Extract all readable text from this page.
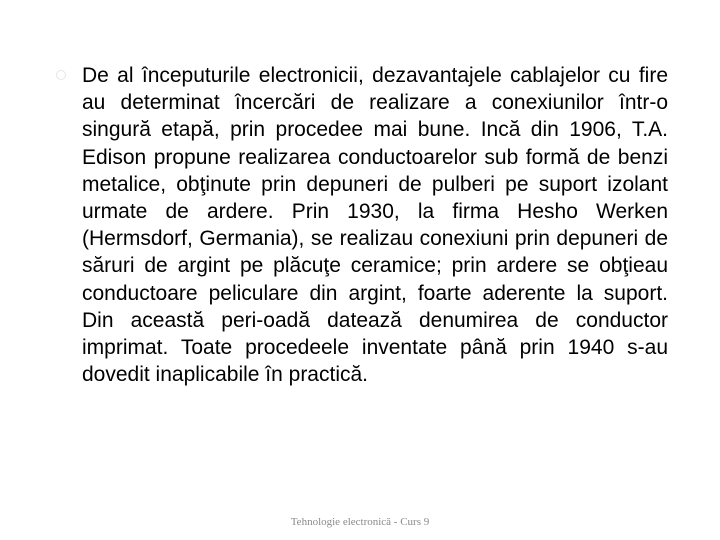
De al începuturile electronicii, dezavantajele cablajelor cu fire au determinat încercări de realizare a conexiunilor într-o singură etapă, prin procedee mai bune. Incă din 1906, T.A. Edison propune realizarea conductoarelor sub formă de benzi metalice, obţinute prin depuneri de pulberi pe suport izolant urmate de ardere. Prin 1930, la firma Hesho Werken (Hermsdorf, Germania), se realizau conexiuni prin depuneri de săruri de argint pe plăcuţe ceramice; prin ardere se obţieau conductoare peliculare din argint, foarte aderente la suport. Din această peri-oadă datează denumirea de conductor imprimat. Toate procedeele inventate până prin 1940 s-au dovedit inaplicabile în practică.

Tehnologie electronică - Curs 9
